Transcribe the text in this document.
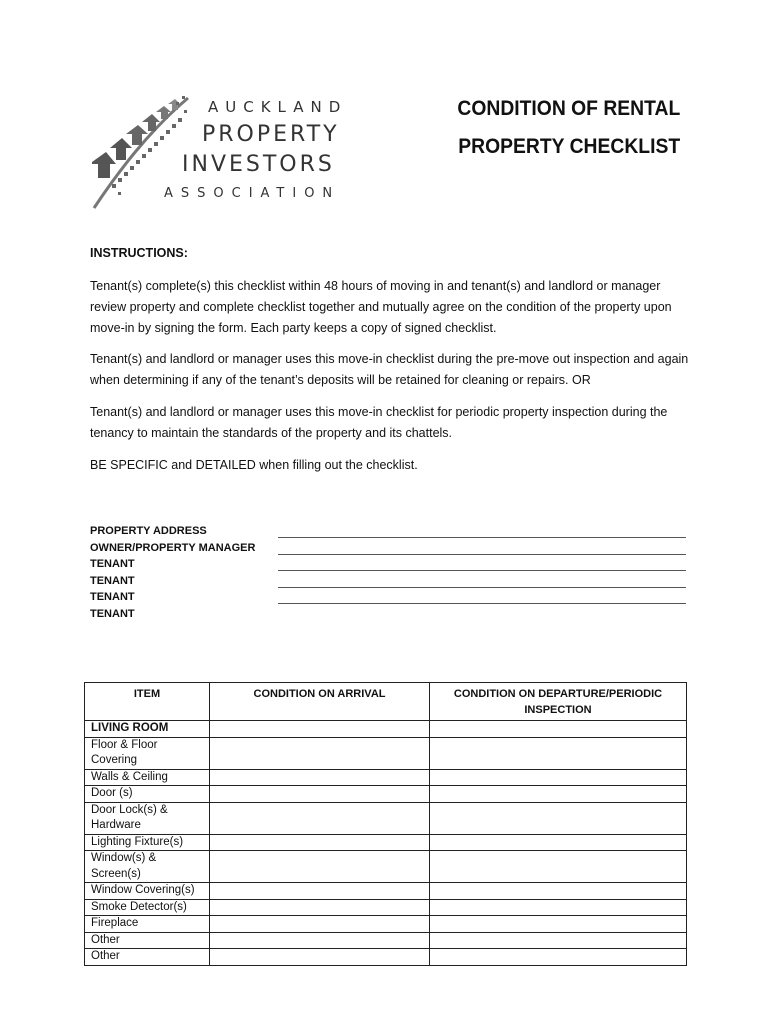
AUCKLAND
PROPERTY
INVESTORS
ASSOCIATION
CONDITION OF RENTAL
PROPERTY CHECKLIST
INSTRUCTIONS:
Tenant(s) complete(s) this checklist within 48 hours of moving in and tenant(s) and landlord or manager review property and complete checklist together and mutually agree on the condition of the property upon move-in by signing the form. Each party keeps a copy of signed checklist.
Tenant(s) and landlord or manager uses this move-in checklist during the pre-move out inspection and again when determining if any of the tenant’s deposits will be retained for cleaning or repairs. OR
Tenant(s) and landlord or manager uses this move-in checklist for periodic property inspection during the tenancy to maintain the standards of the property and its chattels.
BE SPECIFIC and DETAILED when filling out the checklist.
PROPERTY ADDRESS
OWNER/PROPERTY MANAGER
TENANT
TENANT
TENANT
TENANT
ITEM	CONDITION ON ARRIVAL	CONDITION ON DEPARTURE/PERIODIC INSPECTION
LIVING ROOM		
Floor & Floor Covering		
Walls & Ceiling		
Door (s)		
Door Lock(s) & Hardware		
Lighting Fixture(s)		
Window(s) & Screen(s)		
Window Covering(s)		
Smoke Detector(s)		
Fireplace		
Other		
Other		
